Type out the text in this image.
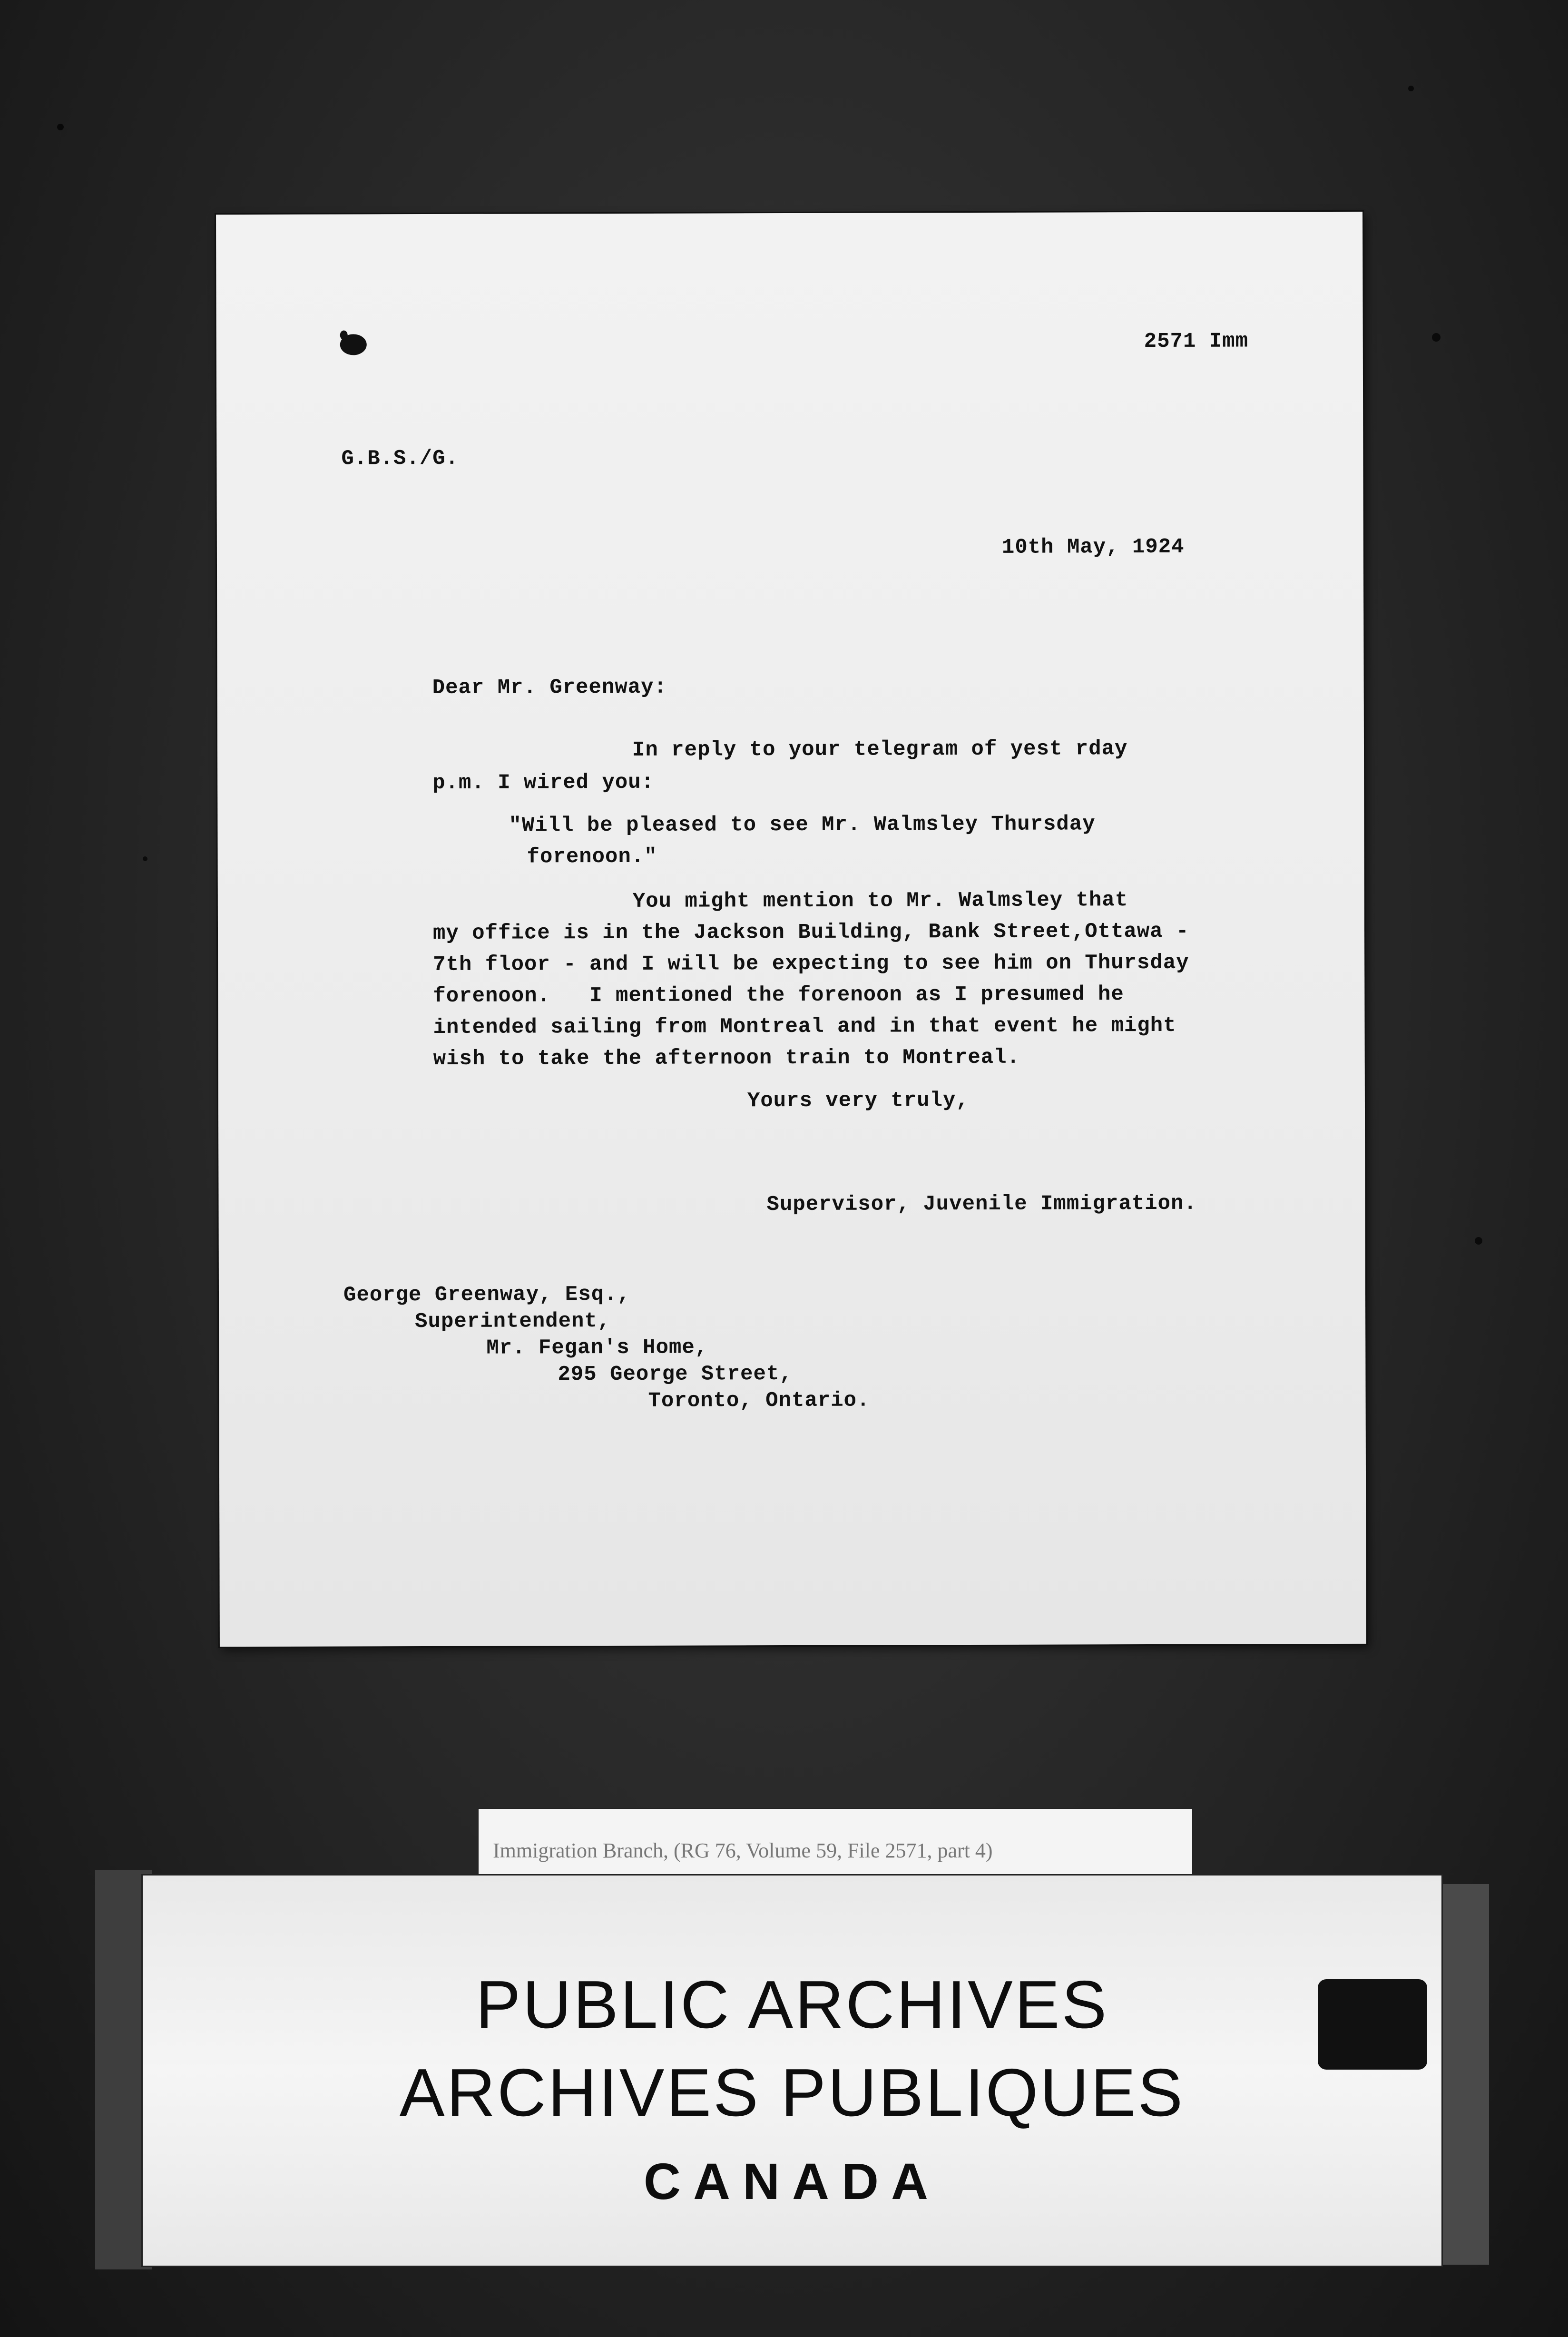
2571 Imm
G.B.S./G.
10th May, 1924
Dear Mr. Greenway:
In reply to your telegram of yest rday
p.m. I wired you:
"Will be pleased to see Mr. Walmsley Thursday
forenoon."
You might mention to Mr. Walmsley that
my office is in the Jackson Building, Bank Street,Ottawa -
7th floor - and I will be expecting to see him on Thursday
forenoon.   I mentioned the forenoon as I presumed he
intended sailing from Montreal and in that event he might
wish to take the afternoon train to Montreal.
Yours very truly,
Supervisor, Juvenile Immigration.
George Greenway, Esq.,
Superintendent,
Mr. Fegan's Home,
295 George Street,
Toronto, Ontario.
Immigration Branch, (RG 76, Volume 59, File 2571, part 4)
PUBLIC ARCHIVES
ARCHIVES PUBLIQUES
CANADA
